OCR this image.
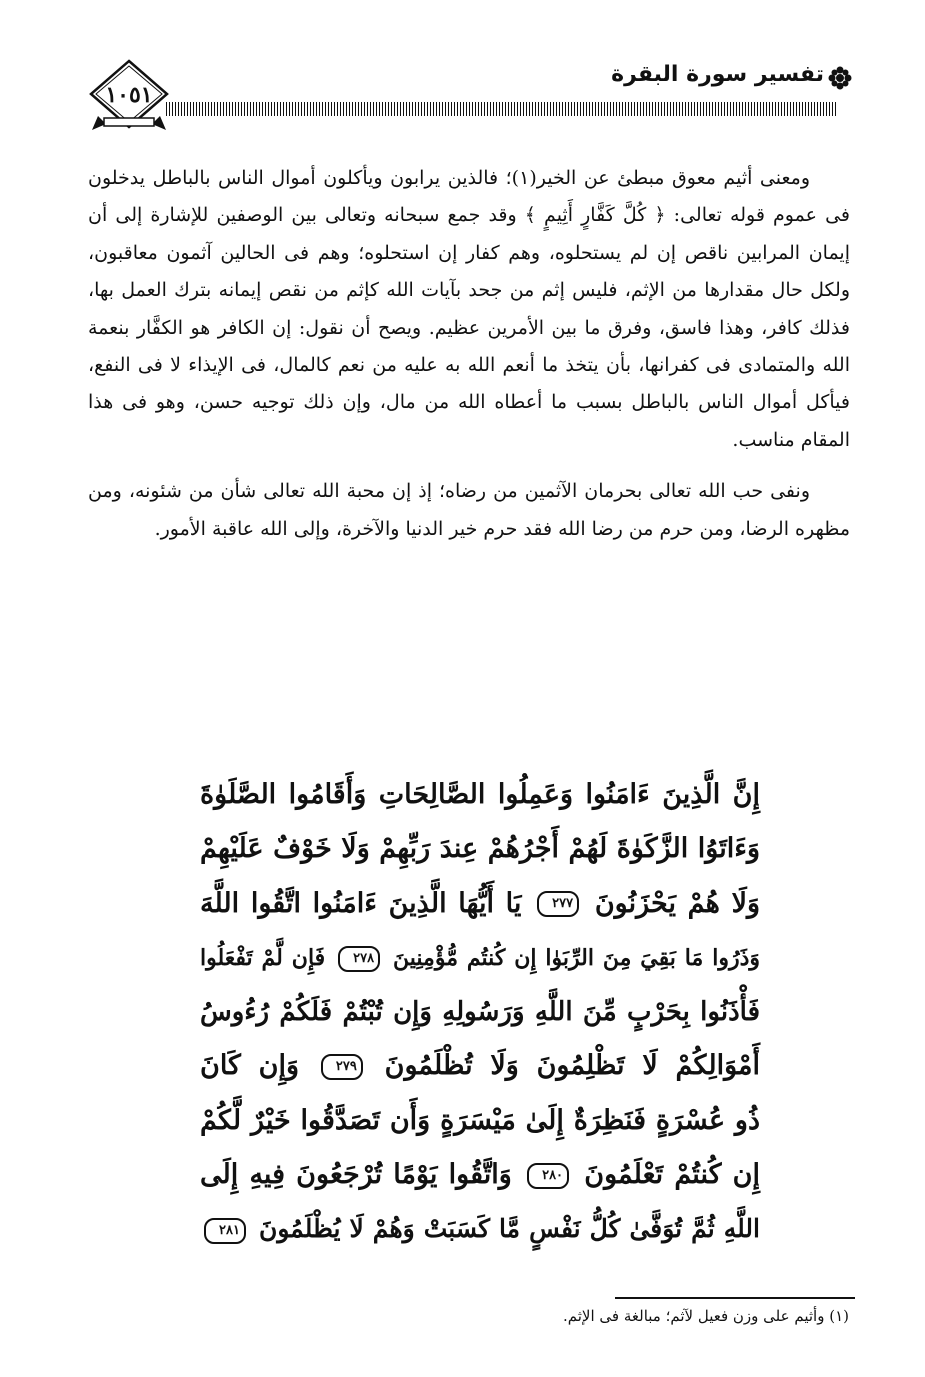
١٠٥١
تفسير سورة البقرة

ومعنى أثيم معوق مبطئ عن الخير(١)؛ فالذين يرابون ويأكلون أموال الناس بالباطل يدخلون فى عموم قوله تعالى: ﴿ كُلَّ كَفَّارٍ أَثِيمٍ ﴾ وقد جمع سبحانه وتعالى بين الوصفين للإشارة إلى أن إيمان المرابين ناقص إن لم يستحلوه، وهم كفار إن استحلوه؛ وهم فى الحالين آثمون معاقبون، ولكل حال مقدارها من الإثم، فليس إثم من جحد بآيات الله كإثم من نقص إيمانه بترك العمل بها، فذلك كافر، وهذا فاسق، وفرق ما بين الأمرين عظيم. ويصح أن نقول: إن الكافر هو الكفَّار بنعمة الله والمتمادى فى كفرانها، بأن يتخذ ما أنعم الله به عليه من نعم كالمال، فى الإيذاء لا فى النفع، فيأكل أموال الناس بالباطل بسبب ما أعطاه الله من مال، وإن ذلك توجيه حسن، وهو فى هذا المقام مناسب.

ونفى حب الله تعالى بحرمان الآثمين من رضاه؛ إذ إن محبة الله تعالى شأن من شئونه، ومن مظهره الرضا، ومن حرم من رضا الله فقد حرم خير الدنيا والآخرة، وإلى الله عاقبة الأمور.

إِنَّ الَّذِينَ ءَامَنُوا وَعَمِلُوا الصَّالِحَاتِ وَأَقَامُوا الصَّلَوٰةَ
وَءَاتَوُا الزَّكَوٰةَ لَهُمْ أَجْرُهُمْ عِندَ رَبِّهِمْ وَلَا خَوْفٌ عَلَيْهِمْ
وَلَا هُمْ يَحْزَنُونَ ٢٧٧ يَا أَيُّهَا الَّذِينَ ءَامَنُوا اتَّقُوا اللَّهَ
وَذَرُوا مَا بَقِيَ مِنَ الرِّبَوٰا إِن كُنتُم مُّؤْمِنِينَ ٢٧٨ فَإِن لَّمْ تَفْعَلُوا
فَأْذَنُوا بِحَرْبٍ مِّنَ اللَّهِ وَرَسُولِهِ وَإِن تُبْتُمْ فَلَكُمْ رُءُوسُ
أَمْوَالِكُمْ لَا تَظْلِمُونَ وَلَا تُظْلَمُونَ ٢٧٩ وَإِن كَانَ
ذُو عُسْرَةٍ فَنَظِرَةٌ إِلَىٰ مَيْسَرَةٍ وَأَن تَصَدَّقُوا خَيْرٌ لَّكُمْ
إِن كُنتُمْ تَعْلَمُونَ ٢٨٠ وَاتَّقُوا يَوْمًا تُرْجَعُونَ فِيهِ إِلَى
اللَّهِ ثُمَّ تُوَفَّىٰ كُلُّ نَفْسٍ مَّا كَسَبَتْ وَهُمْ لَا يُظْلَمُونَ ٢٨١
(١) وأثيم على وزن فعيل لآثم؛ مبالغة فى الإثم.
